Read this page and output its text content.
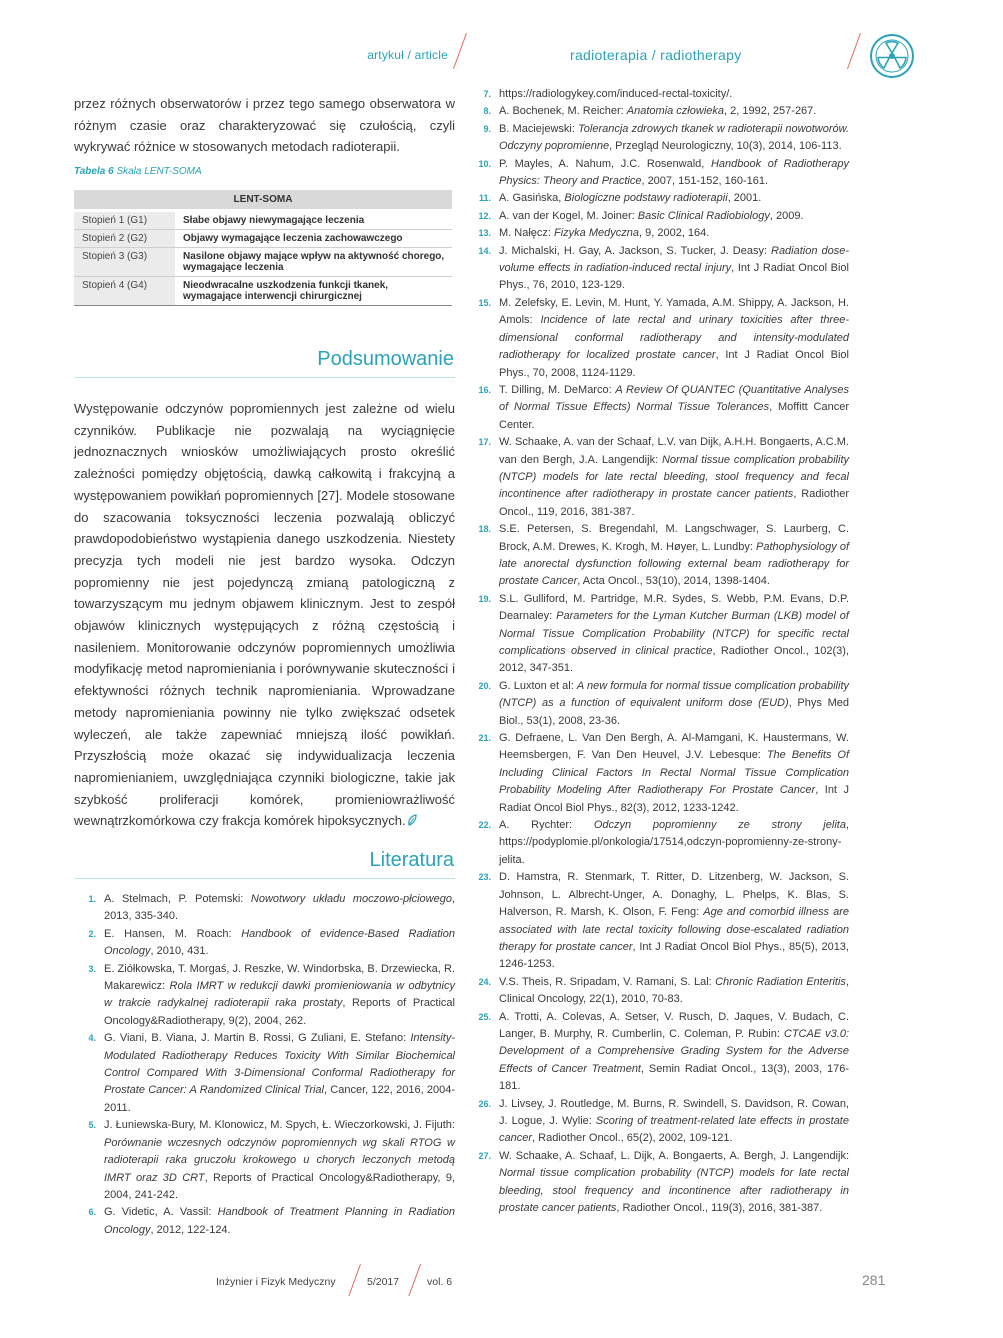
artykuł / article	radioterapia / radiotherapy

przez różnych obserwatorów i przez tego samego obserwatora w różnym czasie oraz charakteryzować się czułością, czyli wykrywać różnice w stosowanych metodach radioterapii.

Tabela 6 Skala LENT-SOMA
LENT-SOMA	
Stopień 1 (G1)	Słabe objawy niewymagające leczenia
Stopień 2 (G2)	Objawy wymagające leczenia zachowawczego
Stopień 3 (G3)	Nasilone objawy mające wpływ na aktywność chorego, wymagające leczenia
Stopień 4 (G4)	Nieodwracalne uszkodzenia funkcji tkanek, wymagające interwencji chirurgicznej
Podsumowanie

Występowanie odczynów popromiennych jest zależne od wielu czynników. Publikacje nie pozwalają na wyciągnięcie jednoznacznych wniosków umożliwiających prosto określić zależności pomiędzy objętością, dawką całkowitą i frakcyjną a występowaniem powikłań popromiennych [27]. Modele stosowane do szacowania toksyczności leczenia pozwalają obliczyć prawdopodobieństwo wystąpienia danego uszkodzenia. Niestety precyzja tych modeli nie jest bardzo wysoka. Odczyn popromienny nie jest pojedynczą zmianą patologiczną z towarzyszącym mu jednym objawem klinicznym. Jest to zespół objawów klinicznych występujących z różną częstością i nasileniem. Monitorowanie odczynów popromiennych umożliwia modyfikację metod napromieniania i porównywanie skuteczności i efektywności różnych technik napromieniania. Wprowadzane metody napromieniania powinny nie tylko zwiększać odsetek wyleczeń, ale także zapewniać mniejszą ilość powikłań. Przyszłością może okazać się indywidualizacja leczenia napromienianiem, uwzględniająca czynniki biologiczne, takie jak szybkość proliferacji komórek, promieniowrażliwość wewnątrzkomórkowa czy frakcja komórek hipoksycznych.

Literatura
1. A. Stelmach, P. Potemski: Nowotwory układu moczowo-płciowego, 2013, 335-340.
2. E. Hansen, M. Roach: Handbook of evidence-Based Radiation Oncology, 2010, 431.
3. E. Ziółkowska, T. Morgaś, J. Reszke, W. Windorbska, B. Drzewiecka, R. Makarewicz: Rola IMRT w redukcji dawki promieniowania w odbytnicy w trakcie radykalnej radioterapii raka prostaty, Reports of Practical Oncology&Radiotherapy, 9(2), 2004, 262.
4. G. Viani, B. Viana, J. Martin B. Rossi, G Zuliani, E. Stefano: Intensity-Modulated Radiotherapy Reduces Toxicity With Similar Biochemical Control Compared With 3-Dimensional Conformal Radiotherapy for Prostate Cancer: A Randomized Clinical Trial, Cancer, 122, 2016, 2004-2011.
5. J. Łuniewska-Bury, M. Klonowicz, M. Spych, Ł. Wieczorkowski, J. Fijuth: Porównanie wczesnych odczynów popromiennych wg skali RTOG w radioterapii raka gruczołu krokowego u chorych leczonych metodą IMRT oraz 3D CRT, Reports of Practical Oncology&Radiotherapy, 9, 2004, 241-242.
6. G. Videtic, A. Vassil: Handbook of Treatment Planning in Radiation Oncology, 2012, 122-124.
7. https://radiologykey.com/induced-rectal-toxicity/.
8. A. Bochenek, M. Reicher: Anatomia człowieka, 2, 1992, 257-267.
9. B. Maciejewski: Tolerancja zdrowych tkanek w radioterapii nowotworów. Odczyny popromienne, Przegląd Neurologiczny, 10(3), 2014, 106-113.
10. P. Mayles, A. Nahum, J.C. Rosenwald, Handbook of Radiotherapy Physics: Theory and Practice, 2007, 151-152, 160-161.
11. A. Gasińska, Biologiczne podstawy radioterapii, 2001.
12. A. van der Kogel, M. Joiner: Basic Clinical Radiobiology, 2009.
13. M. Nałęcz: Fizyka Medyczna, 9, 2002, 164.
14. J. Michalski, H. Gay, A. Jackson, S. Tucker, J. Deasy: Radiation dose-volume effects in radiation-induced rectal injury, Int J Radiat Oncol Biol Phys., 76, 2010, 123-129.
15. M. Zelefsky, E. Levin, M. Hunt, Y. Yamada, A.M. Shippy, A. Jackson, H. Amols: Incidence of late rectal and urinary toxicities after three-dimensional conformal radiotherapy and intensity-modulated radiotherapy for localized prostate cancer, Int J Radiat Oncol Biol Phys., 70, 2008, 1124-1129.
16. T. Dilling, M. DeMarco: A Review Of QUANTEC (Quantitative Analyses of Normal Tissue Effects) Normal Tissue Tolerances, Moffitt Cancer Center.
17. W. Schaake, A. van der Schaaf, L.V. van Dijk, A.H.H. Bongaerts, A.C.M. van den Bergh, J.A. Langendijk: Normal tissue complication probability (NTCP) models for late rectal bleeding, stool frequency and fecal incontinence after radiotherapy in prostate cancer patients, Radiother Oncol., 119, 2016, 381-387.
18. S.E. Petersen, S. Bregendahl, M. Langschwager, S. Laurberg, C. Brock, A.M. Drewes, K. Krogh, M. Høyer, L. Lundby: Pathophysiology of late anorectal dysfunction following external beam radiotherapy for prostate Cancer, Acta Oncol., 53(10), 2014, 1398-1404.
19. S.L. Gulliford, M. Partridge, M.R. Sydes, S. Webb, P.M. Evans, D.P. Dearnaley: Parameters for the Lyman Kutcher Burman (LKB) model of Normal Tissue Complication Probability (NTCP) for specific rectal complications observed in clinical practice, Radiother Oncol., 102(3), 2012, 347-351.
20. G. Luxton et al: A new formula for normal tissue complication probability (NTCP) as a function of equivalent uniform dose (EUD), Phys Med Biol., 53(1), 2008, 23-36.
21. G. Defraene, L. Van Den Bergh, A. Al-Mamgani, K. Haustermans, W. Heemsbergen, F. Van Den Heuvel, J.V. Lebesque: The Benefits Of Including Clinical Factors In Rectal Normal Tissue Complication Probability Modeling After Radiotherapy For Prostate Cancer, Int J Radiat Oncol Biol Phys., 82(3), 2012, 1233-1242.
22. A. Rychter: Odczyn popromienny ze strony jelita, https://podyplomie.pl/onkologia/17514,odczyn-popromienny-ze-strony-jelita.
23. D. Hamstra, R. Stenmark, T. Ritter, D. Litzenberg, W. Jackson, S. Johnson, L. Albrecht-Unger, A. Donaghy, L. Phelps, K. Blas, S. Halverson, R. Marsh, K. Olson, F. Feng: Age and comorbid illness are associated with late rectal toxicity following dose-escalated radiation therapy for prostate cancer, Int J Radiat Oncol Biol Phys., 85(5), 2013, 1246-1253.
24. V.S. Theis, R. Sripadam, V. Ramani, S. Lal: Chronic Radiation Enteritis, Clinical Oncology, 22(1), 2010, 70-83.
25. A. Trotti, A. Colevas, A. Setser, V. Rusch, D. Jaques, V. Budach, C. Langer, B. Murphy, R. Cumberlin, C. Coleman, P. Rubin: CTCAE v3.0: Development of a Comprehensive Grading System for the Adverse Effects of Cancer Treatment, Semin Radiat Oncol., 13(3), 2003, 176-181.
26. J. Livsey, J. Routledge, M. Burns, R. Swindell, S. Davidson, R. Cowan, J. Logue, J. Wylie: Scoring of treatment-related late effects in prostate cancer, Radiother Oncol., 65(2), 2002, 109-121.
27. W. Schaake, A. Schaaf, L. Dijk, A. Bongaerts, A. Bergh, J. Langendijk: Normal tissue complication probability (NTCP) models for late rectal bleeding, stool frequency and incontinence after radiotherapy in prostate cancer patients, Radiother Oncol., 119(3), 2016, 381-387.
Inżynier i Fizyk Medyczny	5/2017	vol. 6	281
